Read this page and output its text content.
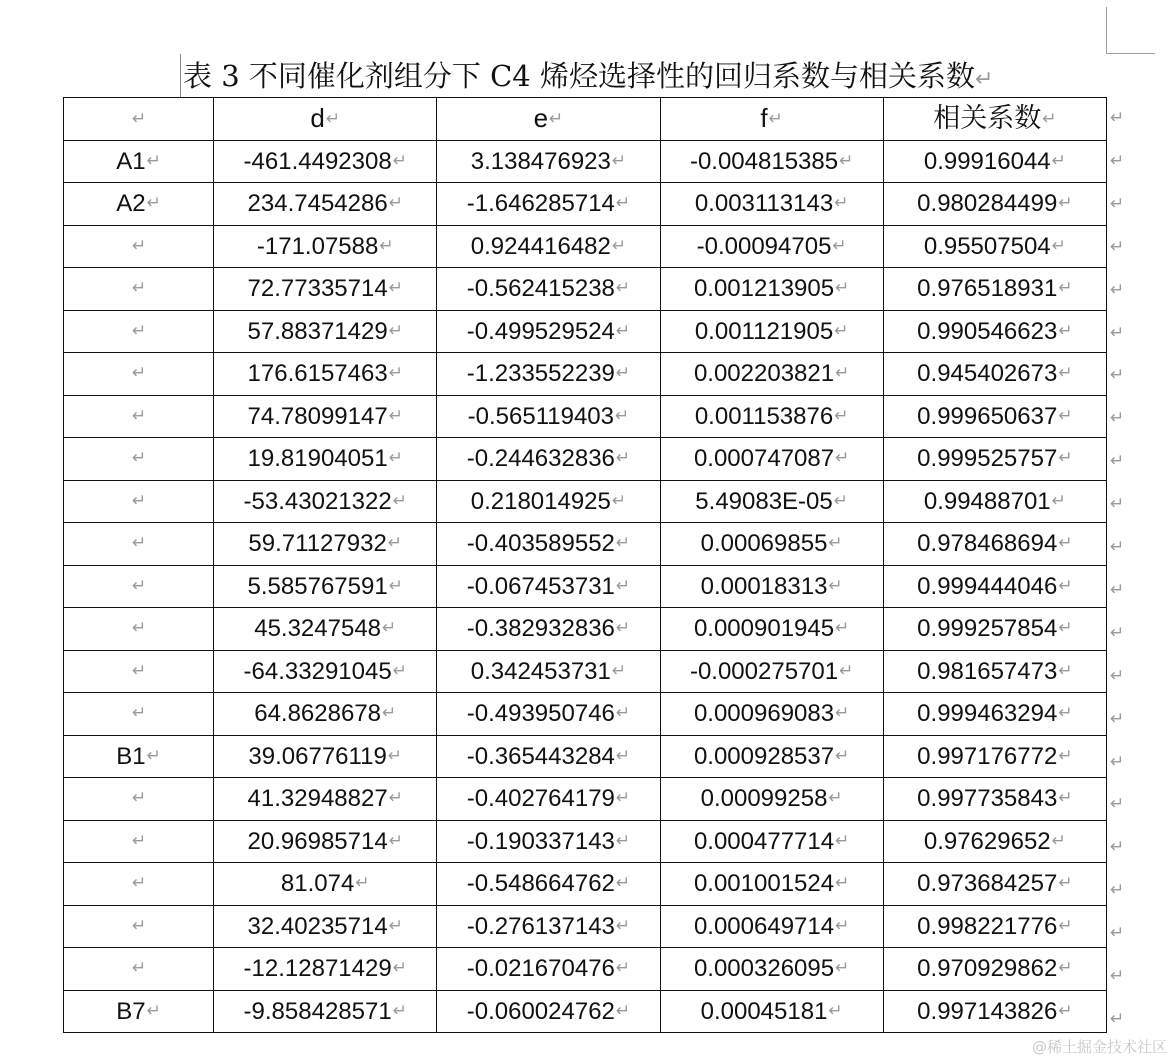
表 3 不同催化剂组分下 C4 烯烃选择性的回归系数与相关系数↵
↵	d↵	e↵	f↵	相关系数↵
A1↵	-461.4492308↵	3.138476923↵	-0.004815385↵	0.99916044↵
A2↵	234.7454286↵	-1.646285714↵	0.003113143↵	0.980284499↵
↵	-171.07588↵	0.924416482↵	-0.00094705↵	0.95507504↵
↵	72.77335714↵	-0.562415238↵	0.001213905↵	0.976518931↵
↵	57.88371429↵	-0.499529524↵	0.001121905↵	0.990546623↵
↵	176.6157463↵	-1.233552239↵	0.002203821↵	0.945402673↵
↵	74.78099147↵	-0.565119403↵	0.001153876↵	0.999650637↵
↵	19.81904051↵	-0.244632836↵	0.000747087↵	0.999525757↵
↵	-53.43021322↵	0.218014925↵	5.49083E-05↵	0.99488701↵
↵	59.71127932↵	-0.403589552↵	0.00069855↵	0.978468694↵
↵	5.585767591↵	-0.067453731↵	0.00018313↵	0.999444046↵
↵	45.3247548↵	-0.382932836↵	0.000901945↵	0.999257854↵
↵	-64.33291045↵	0.342453731↵	-0.000275701↵	0.981657473↵
↵	64.8628678↵	-0.493950746↵	0.000969083↵	0.999463294↵
B1↵	39.06776119↵	-0.365443284↵	0.000928537↵	0.997176772↵
↵	41.32948827↵	-0.402764179↵	0.00099258↵	0.997735843↵
↵	20.96985714↵	-0.190337143↵	0.000477714↵	0.97629652↵
↵	81.074↵	-0.548664762↵	0.001001524↵	0.973684257↵
↵	32.40235714↵	-0.276137143↵	0.000649714↵	0.998221776↵
↵	-12.12871429↵	-0.021670476↵	0.000326095↵	0.970929862↵
B7↵	-9.858428571↵	-0.060024762↵	0.00045181↵	0.997143826↵
↵
↵
↵
↵
↵
↵
↵
↵
↵
↵
↵
↵
↵
↵
↵
↵
↵
↵
↵
↵
↵
↵
@稀土掘金技术社区
